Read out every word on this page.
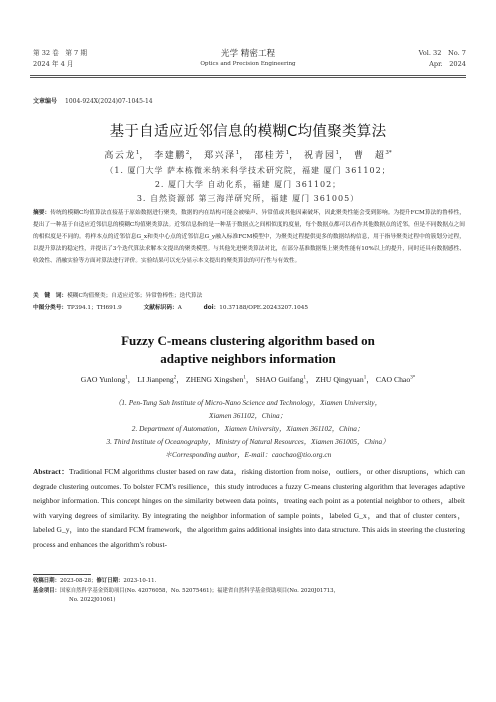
第 32 卷　第 7 期
2024 年 4 月
光学 精密工程
Optics and Precision Engineering
Vol. 32　No. 7
Apr.　2024
文章编号 1004-924X(2024)07-1045-14
基于自适应近邻信息的模糊C均值聚类算法
高云龙$^1$， 李建鹏$^2$， 郑兴泽$^1$， 邵桂芳$^1$， 祝青园$^1$， 曹　超$^{3*}$
（1. 厦门大学 萨本栋微米纳米科学技术研究院，福建 厦门 361102；
2. 厦门大学 自动化系，福建 厦门 361102；
3. 自然资源部 第三海洋研究所，福建 厦门 361005）
摘要：传统的模糊C均值算法直接基于原始数据进行聚类，数据的内在结构可能会被噪声、异常值或其他因素破坏，因此聚类性能会受到影响。为提升FCM算法的鲁棒性，提出了一种基于自适应近邻信息的模糊C均值聚类算法。近邻信息指的是一种基于数据点之间相似度的度量，每个数据点都可以看作其他数据点的近邻，但是不同数据点之间的相似度是不同的。将样本点的近邻信息G_x和类中心点的近邻信息G_y融入标准FCM模型中，为聚类过程提供更多的数据结构信息，用于指导聚类过程中的簇划分过程，以提升算法的稳定性，并提出了3个迭代算法求解本文提出的聚类模型。与其他先进聚类算法对比，在部分基准数据集上聚类性能有10%以上的提升，同时还具有数据感性、收敛性、消融实验等方面对算法进行评价。实验结果可以充分显示本文提出的聚类算法的可行性与有效性。
关　键　词：模糊C均值聚类；自适应近邻；异常鲁棒性；迭代算法
中图分类号：TP394.1；TH691.9	文献标识码：A	doi：10.37188/OPE.20243207.1045
Fuzzy C-means clustering algorithm based on
adaptive neighbors information
GAO Yunlong$^1$， LI Jianpeng$^2$， ZHENG Xingshen$^1$， SHAO Guifang$^1$， ZHU Qingyuan$^1$， CAO Chao$^{3*}$
（1. Pen-Tung Sah Institute of Micro-Nano Science and Technology，Xiamen University，
Xiamen 361102，China；
2. Department of Automation，Xiamen University，Xiamen 361102，China；
3. Third Institute of Oceanography，Ministry of Natural Resources，Xiamen 361005，China）
＊Corresponding author，E-mail：caochao@tio.org.cn
Abstract：Traditional FCM algorithms cluster based on raw data，risking distortion from noise，outliers，or other disruptions，which can degrade clustering outcomes. To bolster FCM's resilience，this study introduces a fuzzy C-means clustering algorithm that leverages adaptive neighbor information. This concept hinges on the similarity between data points，treating each point as a potential neighbor to others，albeit with varying degrees of similarity. By integrating the neighbor information of sample points，labeled G_x，and that of cluster centers，labeled G_y，into the standard FCM framework，the algorithm gains additional insights into data structure. This aids in steering the clustering process and enhances the algorithm's robust-
收稿日期：2023-08-28；修订日期：2023-10-11.
基金项目：国家自然科学基金资助项目(No. 42076058，No. 52075461)；福建省自然科学基金资助项目(No. 2020J01713，
No. 2022J01061)
